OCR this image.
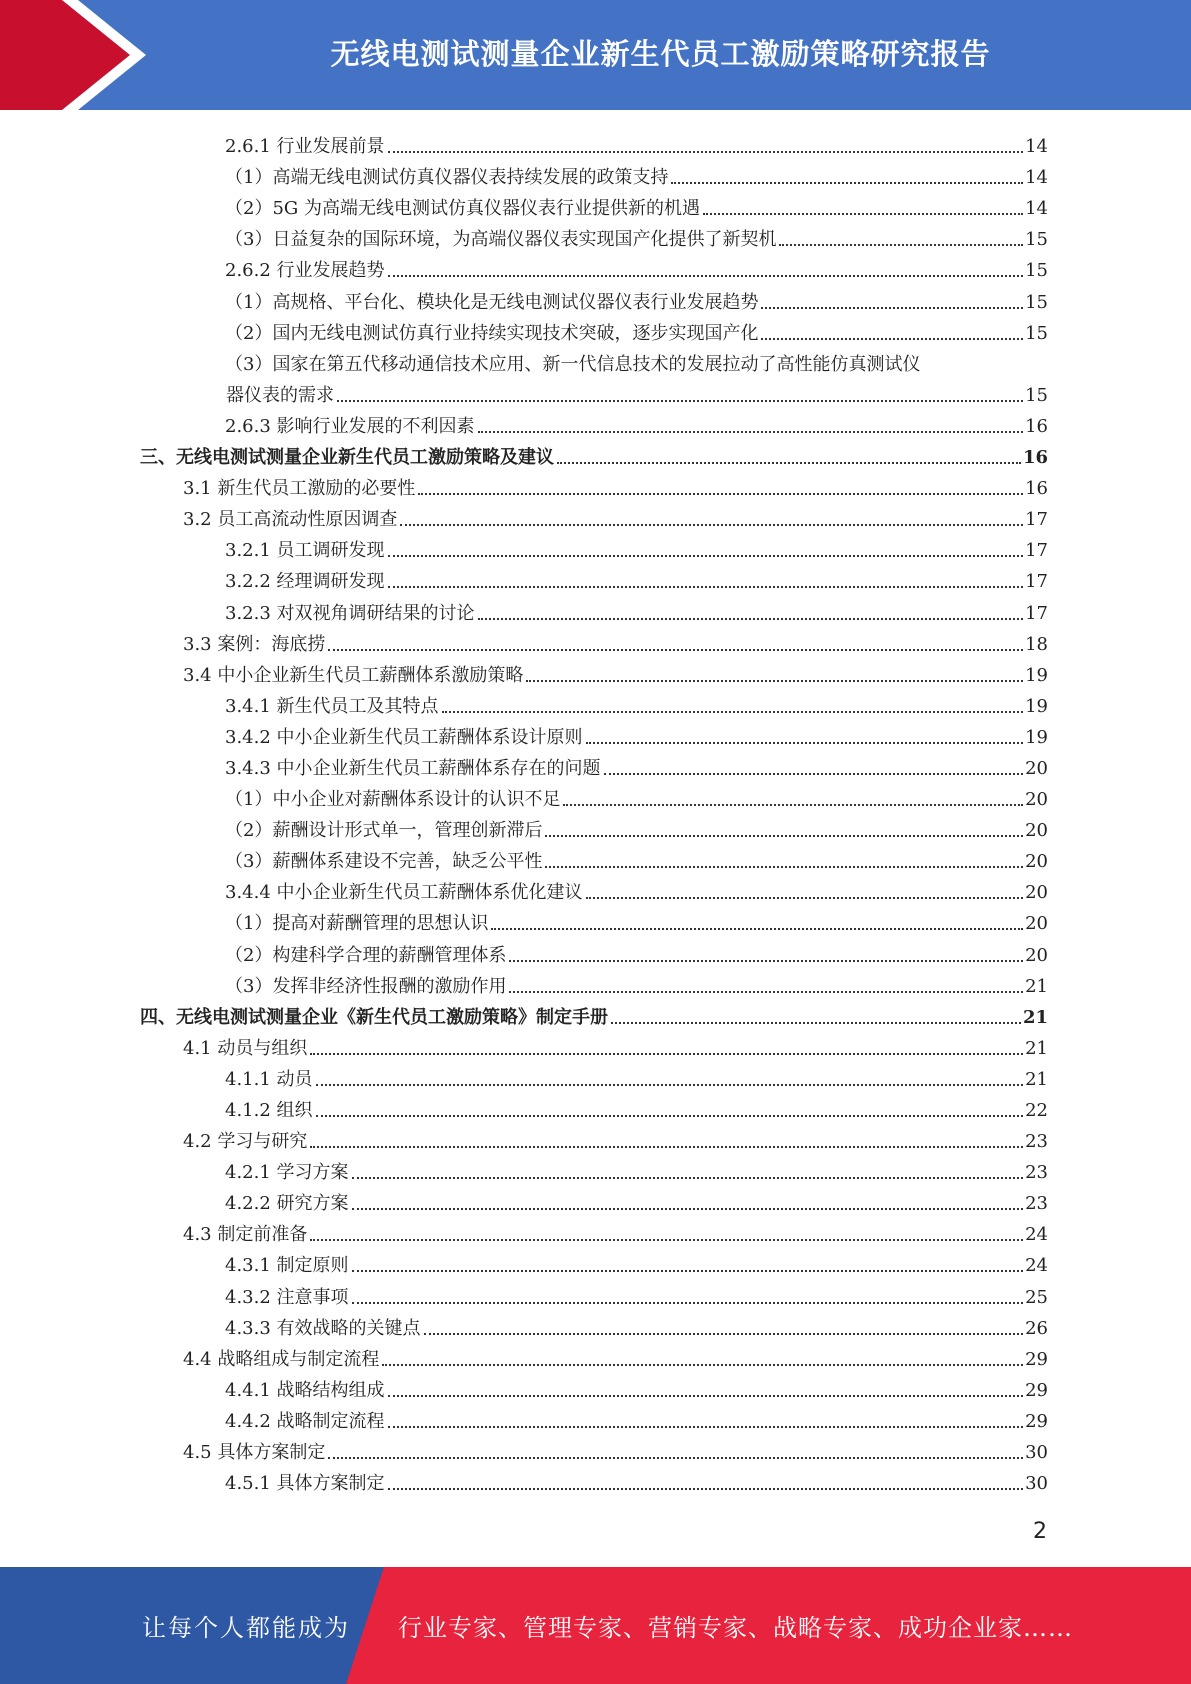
无线电测试测量企业新生代员工激励策略研究报告
2.6.1 行业发展前景	14
（1）高端无线电测试仿真仪器仪表持续发展的政策支持	14
（2）5G 为高端无线电测试仿真仪器仪表行业提供新的机遇	14
（3）日益复杂的国际环境，为高端仪器仪表实现国产化提供了新契机	15
2.6.2 行业发展趋势	15
（1）高规格、平台化、模块化是无线电测试仪器仪表行业发展趋势	15
（2）国内无线电测试仿真行业持续实现技术突破，逐步实现国产化	15
（3）国家在第五代移动通信技术应用、新一代信息技术的发展拉动了高性能仿真测试仪
器仪表的需求	15
2.6.3 影响行业发展的不利因素	16
三、无线电测试测量企业新生代员工激励策略及建议	16
3.1 新生代员工激励的必要性	16
3.2 员工高流动性原因调查	17
3.2.1 员工调研发现	17
3.2.2 经理调研发现	17
3.2.3 对双视角调研结果的讨论	17
3.3 案例：海底捞	18
3.4 中小企业新生代员工薪酬体系激励策略	19
3.4.1 新生代员工及其特点	19
3.4.2 中小企业新生代员工薪酬体系设计原则	19
3.4.3 中小企业新生代员工薪酬体系存在的问题	20
（1）中小企业对薪酬体系设计的认识不足	20
（2）薪酬设计形式单一，管理创新滞后	20
（3）薪酬体系建设不完善，缺乏公平性	20
3.4.4 中小企业新生代员工薪酬体系优化建议	20
（1）提高对薪酬管理的思想认识	20
（2）构建科学合理的薪酬管理体系	20
（3）发挥非经济性报酬的激励作用	21
四、无线电测试测量企业《新生代员工激励策略》制定手册	21
4.1 动员与组织	21
4.1.1 动员	21
4.1.2 组织	22
4.2 学习与研究	23
4.2.1 学习方案	23
4.2.2 研究方案	23
4.3 制定前准备	24
4.3.1 制定原则	24
4.3.2 注意事项	25
4.3.3 有效战略的关键点	26
4.4 战略组成与制定流程	29
4.4.1 战略结构组成	29
4.4.2 战略制定流程	29
4.5 具体方案制定	30
4.5.1 具体方案制定	30
2
让每个人都能成为 行业专家、管理专家、营销专家、战略专家、成功企业家……
